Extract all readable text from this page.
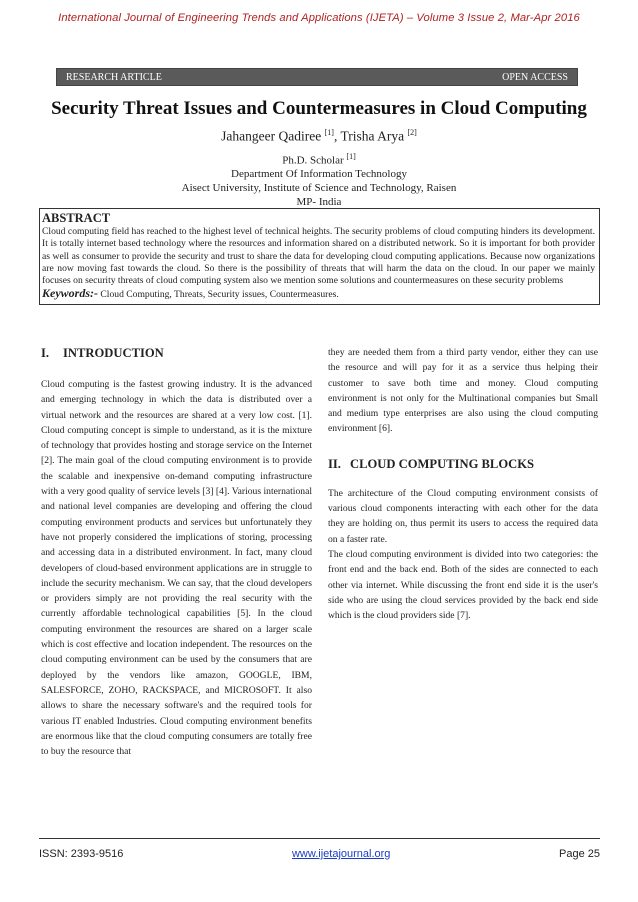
International Journal of Engineering Trends and Applications (IJETA) – Volume 3 Issue 2, Mar-Apr 2016
RESEARCH ARTICLE	OPEN ACCESS
Security Threat Issues and Countermeasures in Cloud Computing
Jahangeer Qadiree [1], Trisha Arya [2]
Ph.D. Scholar [1]
Department Of Information Technology
Aisect University, Institute of Science and Technology, Raisen
MP- India
ABSTRACT
Cloud computing field has reached to the highest level of technical heights. The security problems of cloud computing hinders its development. It is totally internet based technology where the resources and information shared on a distributed network. So it is important for both provider as well as consumer to provide the security and trust to share the data for developing cloud computing applications. Because now organizations are now moving fast towards the cloud. So there is the possibility of threats that will harm the data on the cloud. In our paper we mainly focuses on security threats of cloud computing system also we mention some solutions and countermeasures on these security problems
Keywords:- Cloud Computing, Threats, Security issues, Countermeasures.
I. INTRODUCTION

Cloud computing is the fastest growing industry. It is the advanced and emerging technology in which the data is distributed over a virtual network and the resources are shared at a very low cost. [1]. Cloud computing concept is simple to understand, as it is the mixture of technology that provides hosting and storage service on the Internet [2]. The main goal of the cloud computing environment is to provide the scalable and inexpensive on-demand computing infrastructure with a very good quality of service levels [3] [4]. Various international and national level companies are developing and offering the cloud computing environment products and services but unfortunately they have not properly considered the implications of storing, processing and accessing data in a distributed environment. In fact, many cloud developers of cloud-based environment applications are in struggle to include the security mechanism. We can say, that the cloud developers or providers simply are not providing the real security with the currently affordable technological capabilities [5]. In the cloud computing environment the resources are shared on a larger scale which is cost effective and location independent. The resources on the cloud computing environment can be used by the consumers that are deployed by the vendors like amazon, GOOGLE, IBM, SALESFORCE, ZOHO, RACKSPACE, and MICROSOFT. It also allows to share the necessary software's and the required tools for various IT enabled Industries. Cloud computing environment benefits are enormous like that the cloud computing consumers are totally free to buy the resource that

they are needed them from a third party vendor, either they can use the resource and will pay for it as a service thus helping their customer to save both time and money. Cloud computing environment is not only for the Multinational companies but Small and medium type enterprises are also using the cloud computing environment [6].

II. CLOUD COMPUTING BLOCKS

The architecture of the Cloud computing environment consists of various cloud components interacting with each other for the data they are holding on, thus permit its users to access the required data on a faster rate.

The cloud computing environment is divided into two categories: the front end and the back end. Both of the sides are connected to each other via internet. While discussing the front end side it is the user's side who are using the cloud services provided by the back end side which is the cloud providers side [7].

ISSN: 2393-9516	www.ijetajournal.org	Page 25
